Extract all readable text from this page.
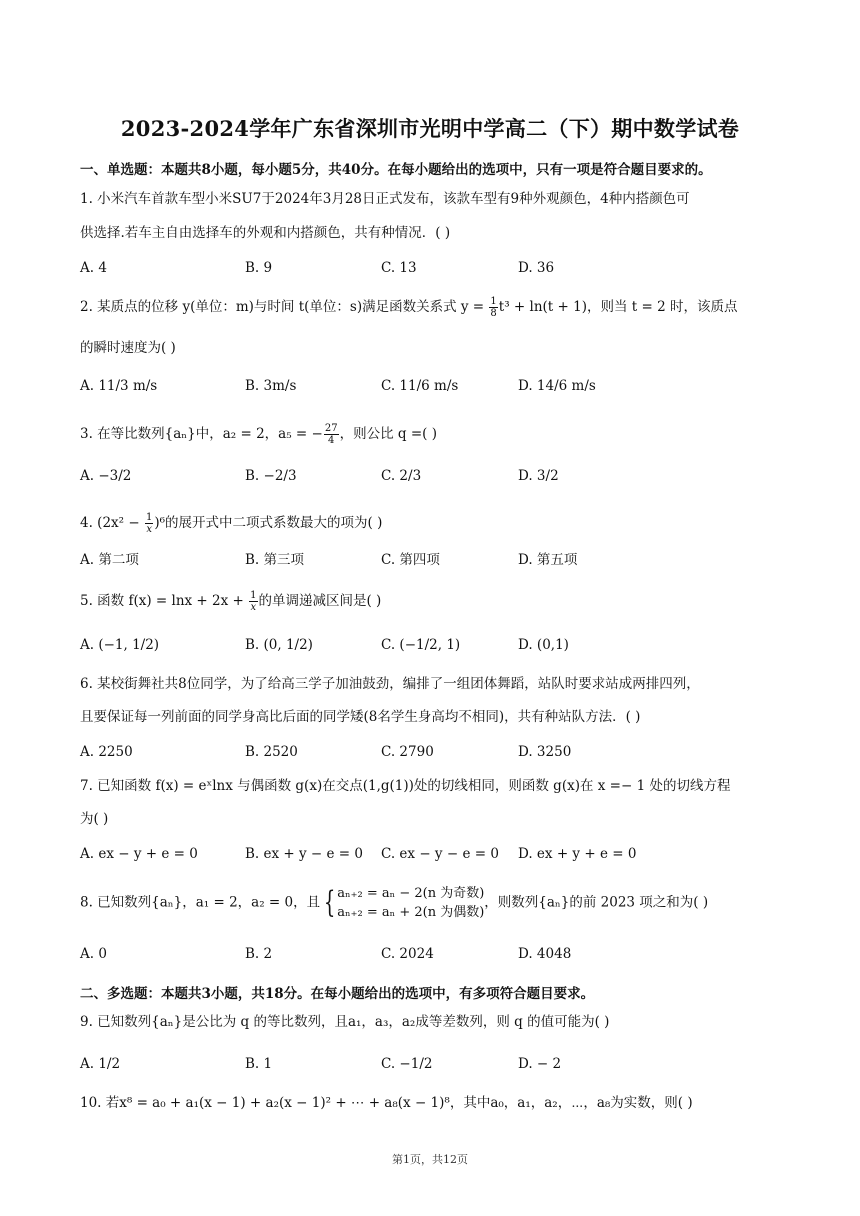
2023-2024学年广东省深圳市光明中学高二（下）期中数学试卷
一、单选题：本题共8小题，每小题5分，共40分。在每小题给出的选项中，只有一项是符合题目要求的。
1. 小米汽车首款车型小米SU7于2024年3月28日正式发布，该款车型有9种外观颜色，4种内搭颜色可
供选择.若车主自由选择车的外观和内搭颜色，共有种情况．( )
A. 4	B. 9	C. 13	D. 36
2. 某质点的位移 y(单位：m)与时间 t(单位：s)满足函数关系式 $y = \frac{1}{8} t^3 + \ln(t + 1)$，则当 t = 2 时，该质点
的瞬时速度为( )
A. 11/3 m/s	B. 3m/s	C. 11/6 m/s	D. 14/6 m/s
3. 在等比数列{aₙ}中，a₂ = 2，a₅ = − $\frac{27}{4}$ ，则公比 q =( )
A. −3/2	B. −2/3	C. 2/3	D. 3/2
4. $(2x^2 - \frac{1}{x} )^6$的展开式中二项式系数最大的项为( )
A. 第二项	B. 第三项	C. 第四项	D. 第五项
5. 函数 $f(x) = \ln x + 2x + \frac{1}{x}$ 的单调递减区间是( )
A. (−1, 1/2)	B. (0, 1/2)	C. (−1/2, 1)	D. (0,1)
6. 某校街舞社共8位同学，为了给高三学子加油鼓劲，编排了一组团体舞蹈，站队时要求站成两排四列，
且要保证每一列前面的同学身高比后面的同学矮(8名学生身高均不相同)，共有种站队方法．( )
A. 2250	B. 2520	C. 2790	D. 3250
7. 已知函数 f(x) = eˣlnx 与偶函数 g(x)在交点(1,g(1))处的切线相同，则函数 g(x)在 x =− 1 处的切线方程
为( )
A. ex − y + e = 0	B. ex + y − e = 0 C. ex − y − e = 0 D. ex + y + e = 0
8. 已知数列{aₙ}，a₁ = 2，a₂ = 0，且 { aₙ₊₂ = aₙ − 2(n 为奇数)
aₙ₊₂ = aₙ + 2(n 为偶数)
，则数列{aₙ}的前 2023 项之和为( )
A. 0	B. 2	C. 2024	D. 4048
二、多选题：本题共3小题，共18分。在每小题给出的选项中，有多项符合题目要求。
9. 已知数列{aₙ}是公比为 q 的等比数列，且a₁，a₃，a₂成等差数列，则 q 的值可能为( )
A. 1/2	B. 1	C. −1/2	D. − 2
10. 若x⁸ = a₀ + a₁(x − 1) + a₂(x − 1)² + ⋯ + a₈(x − 1)⁸，其中a₀，a₁，a₂，⋯，a₈为实数，则( )
第1页，共12页
